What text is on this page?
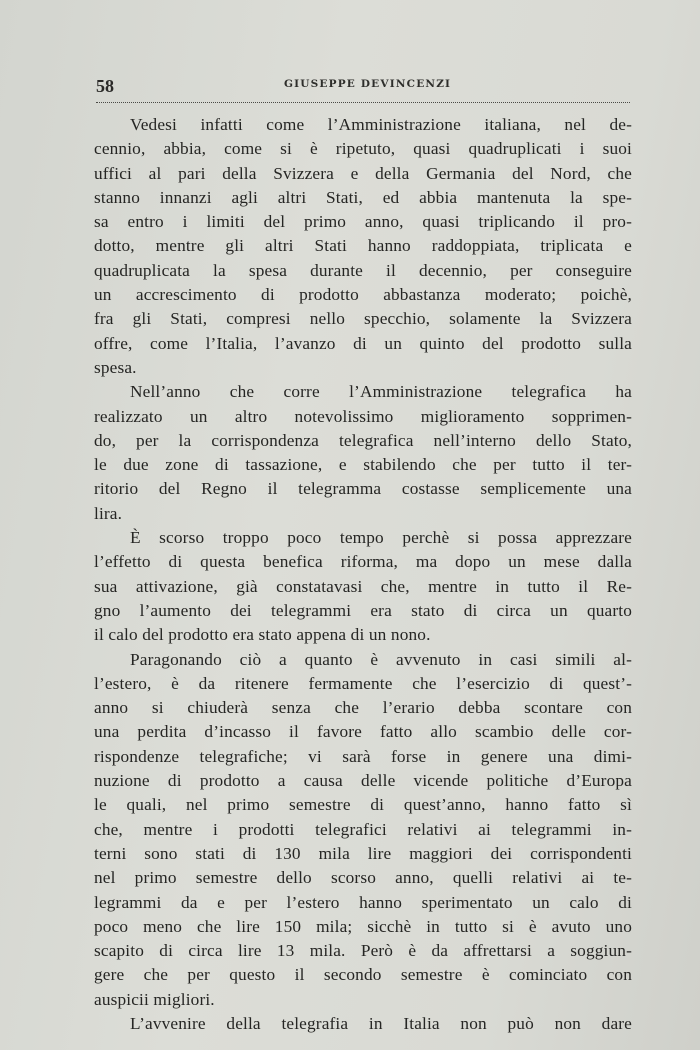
58	GIUSEPPE DEVINCENZI
Vedesi infatti come l’Amministrazione italiana, nel de-
cennio, abbia, come si è ripetuto, quasi quadruplicati i suoi
uffici al pari della Svizzera e della Germania del Nord, che
stanno innanzi agli altri Stati, ed abbia mantenuta la spe-
sa entro i limiti del primo anno, quasi triplicando il pro-
dotto, mentre gli altri Stati hanno raddoppiata, triplicata e
quadruplicata la spesa durante il decennio, per conseguire
un accrescimento di prodotto abbastanza moderato; poichè,
fra gli Stati, compresi nello specchio, solamente la Svizzera
offre, come l’Italia, l’avanzo di un quinto del prodotto sulla
spesa.
Nell’anno che corre l’Amministrazione telegrafica ha
realizzato un altro notevolissimo miglioramento sopprimen-
do, per la corrispondenza telegrafica nell’interno dello Stato,
le due zone di tassazione, e stabilendo che per tutto il ter-
ritorio del Regno il telegramma costasse semplicemente una
lira.
È scorso troppo poco tempo perchè si possa apprezzare
l’effetto di questa benefica riforma, ma dopo un mese dalla
sua attivazione, già constatavasi che, mentre in tutto il Re-
gno l’aumento dei telegrammi era stato di circa un quarto
il calo del prodotto era stato appena di un nono.
Paragonando ciò a quanto è avvenuto in casi simili al-
l’estero, è da ritenere fermamente che l’esercizio di quest’-
anno si chiuderà senza che l’erario debba scontare con
una perdita d’incasso il favore fatto allo scambio delle cor-
rispondenze telegrafiche; vi sarà forse in genere una dimi-
nuzione di prodotto a causa delle vicende politiche d’Europa
le quali, nel primo semestre di quest’anno, hanno fatto sì
che, mentre i prodotti telegrafici relativi ai telegrammi in-
terni sono stati di 130 mila lire maggiori dei corrispondenti
nel primo semestre dello scorso anno, quelli relativi ai te-
legrammi da e per l’estero hanno sperimentato un calo di
poco meno che lire 150 mila; sicchè in tutto si è avuto uno
scapito di circa lire 13 mila. Però è da affrettarsi a soggiun-
gere che per questo il secondo semestre è cominciato con
auspicii migliori.
L’avvenire della telegrafia in Italia non può non dare
